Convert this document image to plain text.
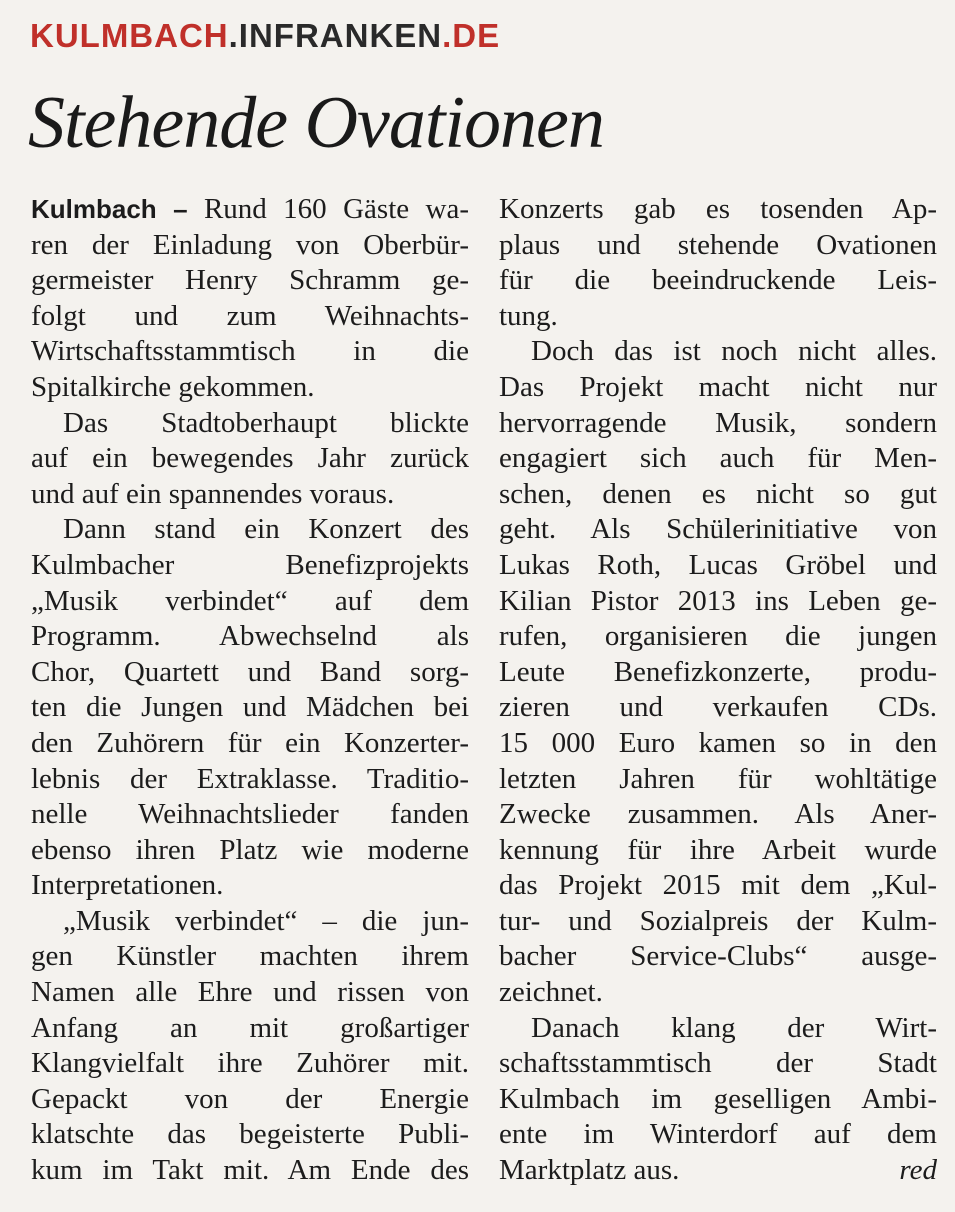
KULMBACH.INFRANKEN.DE
Stehende Ovationen
Kulmbach – Rund 160 Gäste wa-
ren der Einladung von Oberbür-
germeister Henry Schramm ge-
folgt und zum Weihnachts-
Wirtschaftsstammtisch in die
Spitalkirche gekommen.
Das Stadtoberhaupt blickte
auf ein bewegendes Jahr zurück
und auf ein spannendes voraus.
Dann stand ein Konzert des
Kulmbacher Benefizprojekts
„Musik verbindet“ auf dem
Programm. Abwechselnd als
Chor, Quartett und Band sorg-
ten die Jungen und Mädchen bei
den Zuhörern für ein Konzerter-
lebnis der Extraklasse. Traditio-
nelle Weihnachtslieder fanden
ebenso ihren Platz wie moderne
Interpretationen.
„Musik verbindet“ – die jun-
gen Künstler machten ihrem
Namen alle Ehre und rissen von
Anfang an mit großartiger
Klangvielfalt ihre Zuhörer mit.
Gepackt von der Energie
klatschte das begeisterte Publi-
kum im Takt mit. Am Ende des
Konzerts gab es tosenden Ap-
plaus und stehende Ovationen
für die beeindruckende Leis-
tung.
Doch das ist noch nicht alles.
Das Projekt macht nicht nur
hervorragende Musik, sondern
engagiert sich auch für Men-
schen, denen es nicht so gut
geht. Als Schülerinitiative von
Lukas Roth, Lucas Gröbel und
Kilian Pistor 2013 ins Leben ge-
rufen, organisieren die jungen
Leute Benefizkonzerte, produ-
zieren und verkaufen CDs.
15 000 Euro kamen so in den
letzten Jahren für wohltätige
Zwecke zusammen. Als Aner-
kennung für ihre Arbeit wurde
das Projekt 2015 mit dem „Kul-
tur- und Sozialpreis der Kulm-
bacher Service-Clubs“ ausge-
zeichnet.
Danach klang der Wirt-
schaftsstammtisch der Stadt
Kulmbach im geselligen Ambi-
ente im Winterdorf auf dem
Marktplatz aus.	red
